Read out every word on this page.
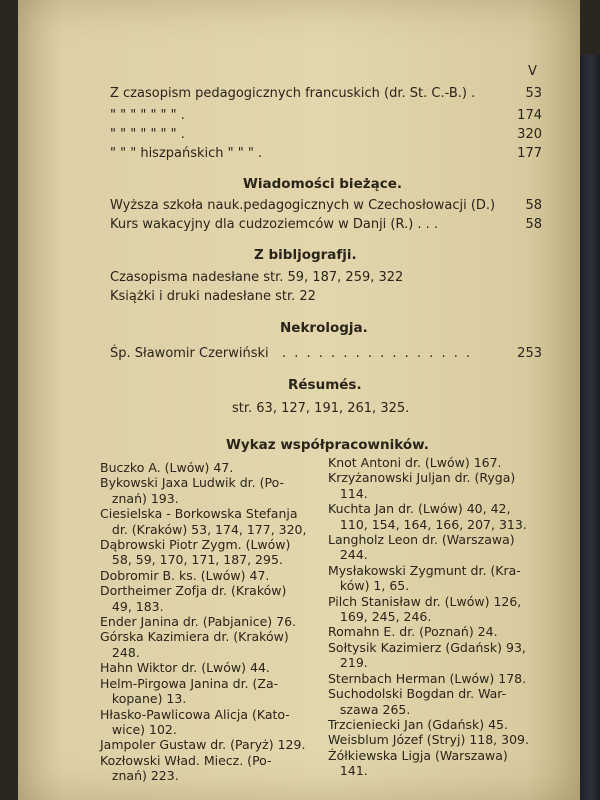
V
Z czasopism pedagogicznych francuskich (dr. St. C.-B.) .	53
" " " " " " " .	174
" " " " " " " .	320
" " " hiszpańskich " " " .	177
Wiadomości bieżące.
Wyższa szkoła nauk.pedagogicznych w Czechosłowacji (D.)	58
Kurs wakacyjny dla cudzoziemców w Danji (R.) . . .	58
Z bibljografji.
Czasopisma nadesłane str. 59, 187, 259, 322
Książki i druki nadesłane str. 22
Nekrologja.
Śp. Sławomir Czerwiński . . . . . . . . . . . . . . . .	253
Résumés.
str. 63, 127, 191, 261, 325.
Wykaz współpracowników.
Buczko A. (Lwów) 47.
Bykowski Jaxa Ludwik dr. (Po-
znań) 193.
Ciesielska - Borkowska Stefanja
dr. (Kraków) 53, 174, 177, 320,
Dąbrowski Piotr Zygm. (Lwów)
58, 59, 170, 171, 187, 295.
Dobromir B. ks. (Lwów) 47.
Dortheimer Zofja dr. (Kraków)
49, 183.
Ender Janina dr. (Pabjanice) 76.
Górska Kazimiera dr. (Kraków)
248.
Hahn Wiktor dr. (Lwów) 44.
Helm-Pirgowa Janina dr. (Za-
kopane) 13.
Hłasko-Pawlicowa Alicja (Kato-
wice) 102.
Jampoler Gustaw dr. (Paryż) 129.
Kozłowski Wład. Miecz. (Po-
znań) 223.
Knot Antoni dr. (Lwów) 167.
Krzyżanowski Juljan dr. (Ryga)
114.
Kuchta Jan dr. (Lwów) 40, 42,
110, 154, 164, 166, 207, 313.
Langholz Leon dr. (Warszawa)
244.
Mysłakowski Zygmunt dr. (Kra-
ków) 1, 65.
Pilch Stanisław dr. (Lwów) 126,
169, 245, 246.
Romahn E. dr. (Poznań) 24.
Sołtysik Kazimierz (Gdańsk) 93,
219.
Sternbach Herman (Lwów) 178.
Suchodolski Bogdan dr. War-
szawa 265.
Trzcieniecki Jan (Gdańsk) 45.
Weisblum Józef (Stryj) 118, 309.
Żółkiewska Ligja (Warszawa)
141.
